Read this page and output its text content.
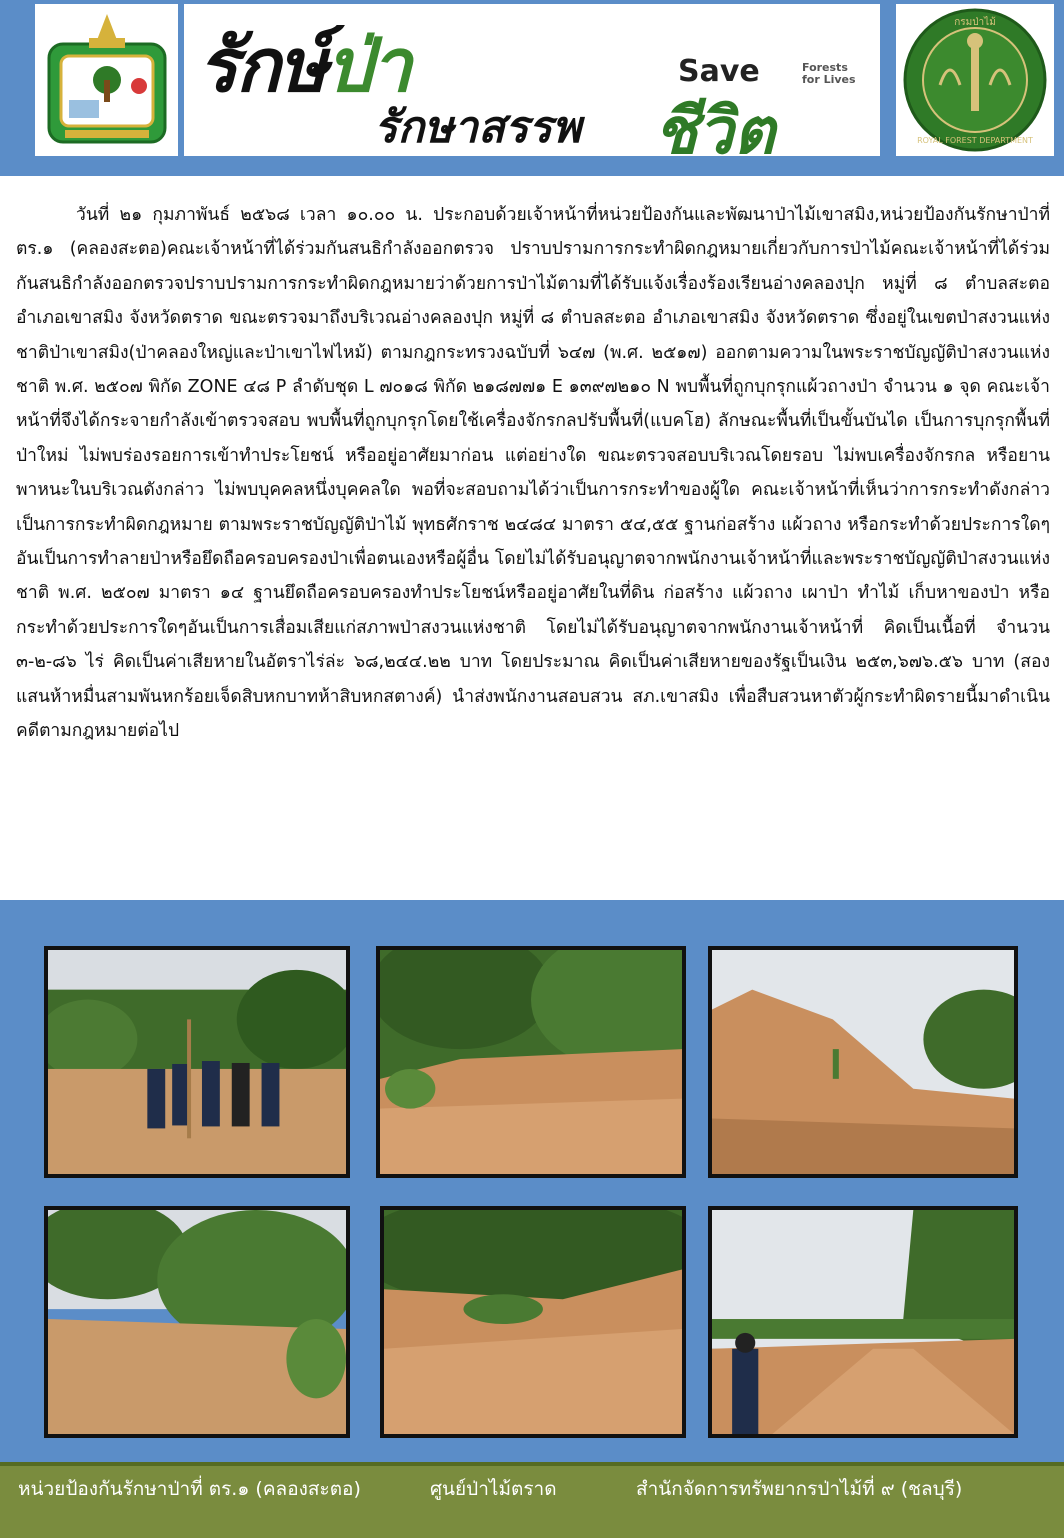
รักษ์ป่า	Save	Forests
for Lives
รักษาสรรพ ชีวิต
กรมป่าไม้
ROYAL FOREST DEPARTMENT

วันที่ ๒๑ กุมภาพันธ์ ๒๕๖๘ เวลา ๑๐.๐๐ น. ประกอบด้วยเจ้าหน้าที่หน่วยป้องกันและพัฒนาป่าไม้เขาสมิง,หน่วยป้องกันรักษาป่าที่ ตร.๑ (คลองสะตอ)คณะเจ้าหน้าที่ได้ร่วมกันสนธิกำลังออกตรวจ ปราบปรามการกระทำผิดกฎหมายเกี่ยวกับการป่าไม้คณะเจ้าหน้าที่ได้ร่วมกันสนธิกำลังออกตรวจปราบปรามการกระทำผิดกฎหมายว่าด้วยการป่าไม้ตามที่ได้รับแจ้งเรื่องร้องเรียนอ่างคลองปุก หมู่ที่ ๘ ตำบลสะตอ อำเภอเขาสมิง จังหวัดตราด ขณะตรวจมาถึงบริเวณอ่างคลองปุก หมู่ที่ ๘ ตำบลสะตอ อำเภอเขาสมิง จังหวัดตราด ซึ่งอยู่ในเขตป่าสงวนแห่งชาติป่าเขาสมิง(ป่าคลองใหญ่และป่าเขาไฟไหม้) ตามกฎกระทรวงฉบับที่ ๖๔๗ (พ.ศ. ๒๕๑๗) ออกตามความในพระราชบัญญัติป่าสงวนแห่งชาติ พ.ศ. ๒๕๐๗ พิกัด ZONE ๔๘ P ลำดับชุด L ๗๐๑๘ พิกัด ๒๑๘๗๗๑ E ๑๓๙๗๒๑๐ N พบพื้นที่ถูกบุกรุกแผ้วถางป่า จำนวน ๑ จุด คณะเจ้าหน้าที่จึงได้กระจายกำลังเข้าตรวจสอบ พบพื้นที่ถูกบุกรุกโดยใช้เครื่องจักรกลปรับพื้นที่(แบคโฮ) ลักษณะพื้นที่เป็นขั้นบันได เป็นการบุกรุกพื้นที่ป่าใหม่ ไม่พบร่องรอยการเข้าทำประโยชน์ หรืออยู่อาศัยมาก่อน แต่อย่างใด ขณะตรวจสอบบริเวณโดยรอบ ไม่พบเครื่องจักรกล หรือยานพาหนะในบริเวณดังกล่าว ไม่พบบุคคลหนึ่งบุคคลใด พอที่จะสอบถามได้ว่าเป็นการกระทำของผู้ใด คณะเจ้าหน้าที่เห็นว่าการกระทำดังกล่าวเป็นการกระทำผิดกฎหมาย ตามพระราชบัญญัติป่าไม้ พุทธศักราช ๒๔๘๔ มาตรา ๕๔,๕๕ ฐานก่อสร้าง แผ้วถาง หรือกระทำด้วยประการใดๆ อันเป็นการทำลายป่าหรือยึดถือครอบครองป่าเพื่อตนเองหรือผู้อื่น โดยไม่ได้รับอนุญาตจากพนักงานเจ้าหน้าที่และพระราชบัญญัติป่าสงวนแห่งชาติ พ.ศ. ๒๕๐๗ มาตรา ๑๔ ฐานยึดถือครอบครองทำประโยชน์หรืออยู่อาศัยในที่ดิน ก่อสร้าง แผ้วถาง เผาป่า ทำไม้ เก็บหาของป่า หรือกระทำด้วยประการใดๆอันเป็นการเสื่อมเสียแก่สภาพป่าสงวนแห่งชาติ โดยไม่ได้รับอนุญาตจากพนักงานเจ้าหน้าที่ คิดเป็นเนื้อที่ จำนวน ๓-๒-๘๖ ไร่ คิดเป็นค่าเสียหายในอัตราไร่ล่ะ ๖๘,๒๔๔.๒๒ บาท โดยประมาณ คิดเป็นค่าเสียหายของรัฐเป็นเงิน ๒๕๓,๖๗๖.๕๖ บาท (สองแสนห้าหมื่นสามพันหกร้อยเจ็ดสิบหกบาทห้าสิบหกสตางค์) นำส่งพนักงานสอบสวน สภ.เขาสมิง เพื่อสืบสวนหาตัวผู้กระทำผิดรายนี้มาดำเนินคดีตามกฎหมายต่อไป

หน่วยป้องกันรักษาป่าที่ ตร.๑ (คลองสะตอ)	ศูนย์ป่าไม้ตราด	สำนักจัดการทรัพยากรป่าไม้ที่ ๙ (ชลบุรี)
